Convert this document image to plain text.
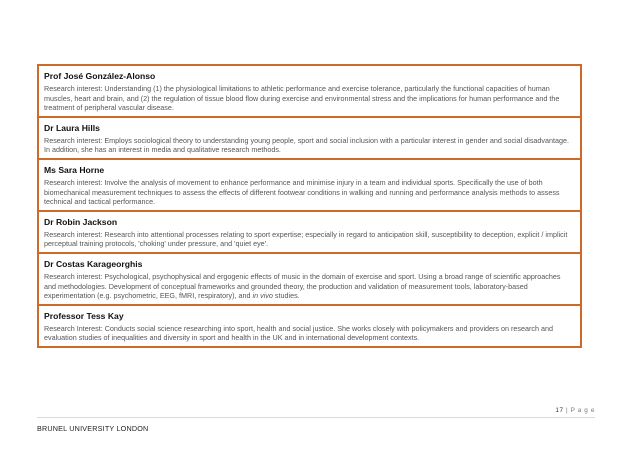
Prof José González-Alonso

Research interest: Understanding (1) the physiological limitations to athletic performance and exercise tolerance, particularly the functional capacities of human muscles, heart and brain, and (2) the regulation of tissue blood flow during exercise and environmental stress and the implications for human performance and the treatment of peripheral vascular disease.

Dr Laura Hills

Research interest: Employs sociological theory to understanding young people, sport and social inclusion with a particular interest in gender and social disadvantage. In addition, she has an interest in media and qualitative research methods.

Ms Sara Horne

Research interest: Involve the analysis of movement to enhance performance and minimise injury in a team and individual sports. Specifically the use of both biomechanical measurement techniques to assess the effects of different footwear conditions in walking and running and performance analysis methods to assess technical and tactical performance.

Dr Robin Jackson

Research interest: Research into attentional processes relating to sport expertise; especially in regard to anticipation skill, susceptibility to deception, explicit / implicit perceptual training protocols, 'choking' under pressure, and 'quiet eye'.

Dr Costas Karageorghis

Research interest: Psychological, psychophysical and ergogenic effects of music in the domain of exercise and sport. Using a broad range of scientific approaches and methodologies. Development of conceptual frameworks and grounded theory, the production and validation of measurement tools, laboratory-based experimentation (e.g. psychometric, EEG, fMRI, respiratory), and in vivo studies.

Professor Tess Kay

Research Interest: Conducts social science researching into sport, health and social justice. She works closely with policymakers and providers on research and evaluation studies of inequalities and diversity in sport and health in the UK and in international development contexts.

17 | P a g e
BRUNEL UNIVERSITY LONDON
